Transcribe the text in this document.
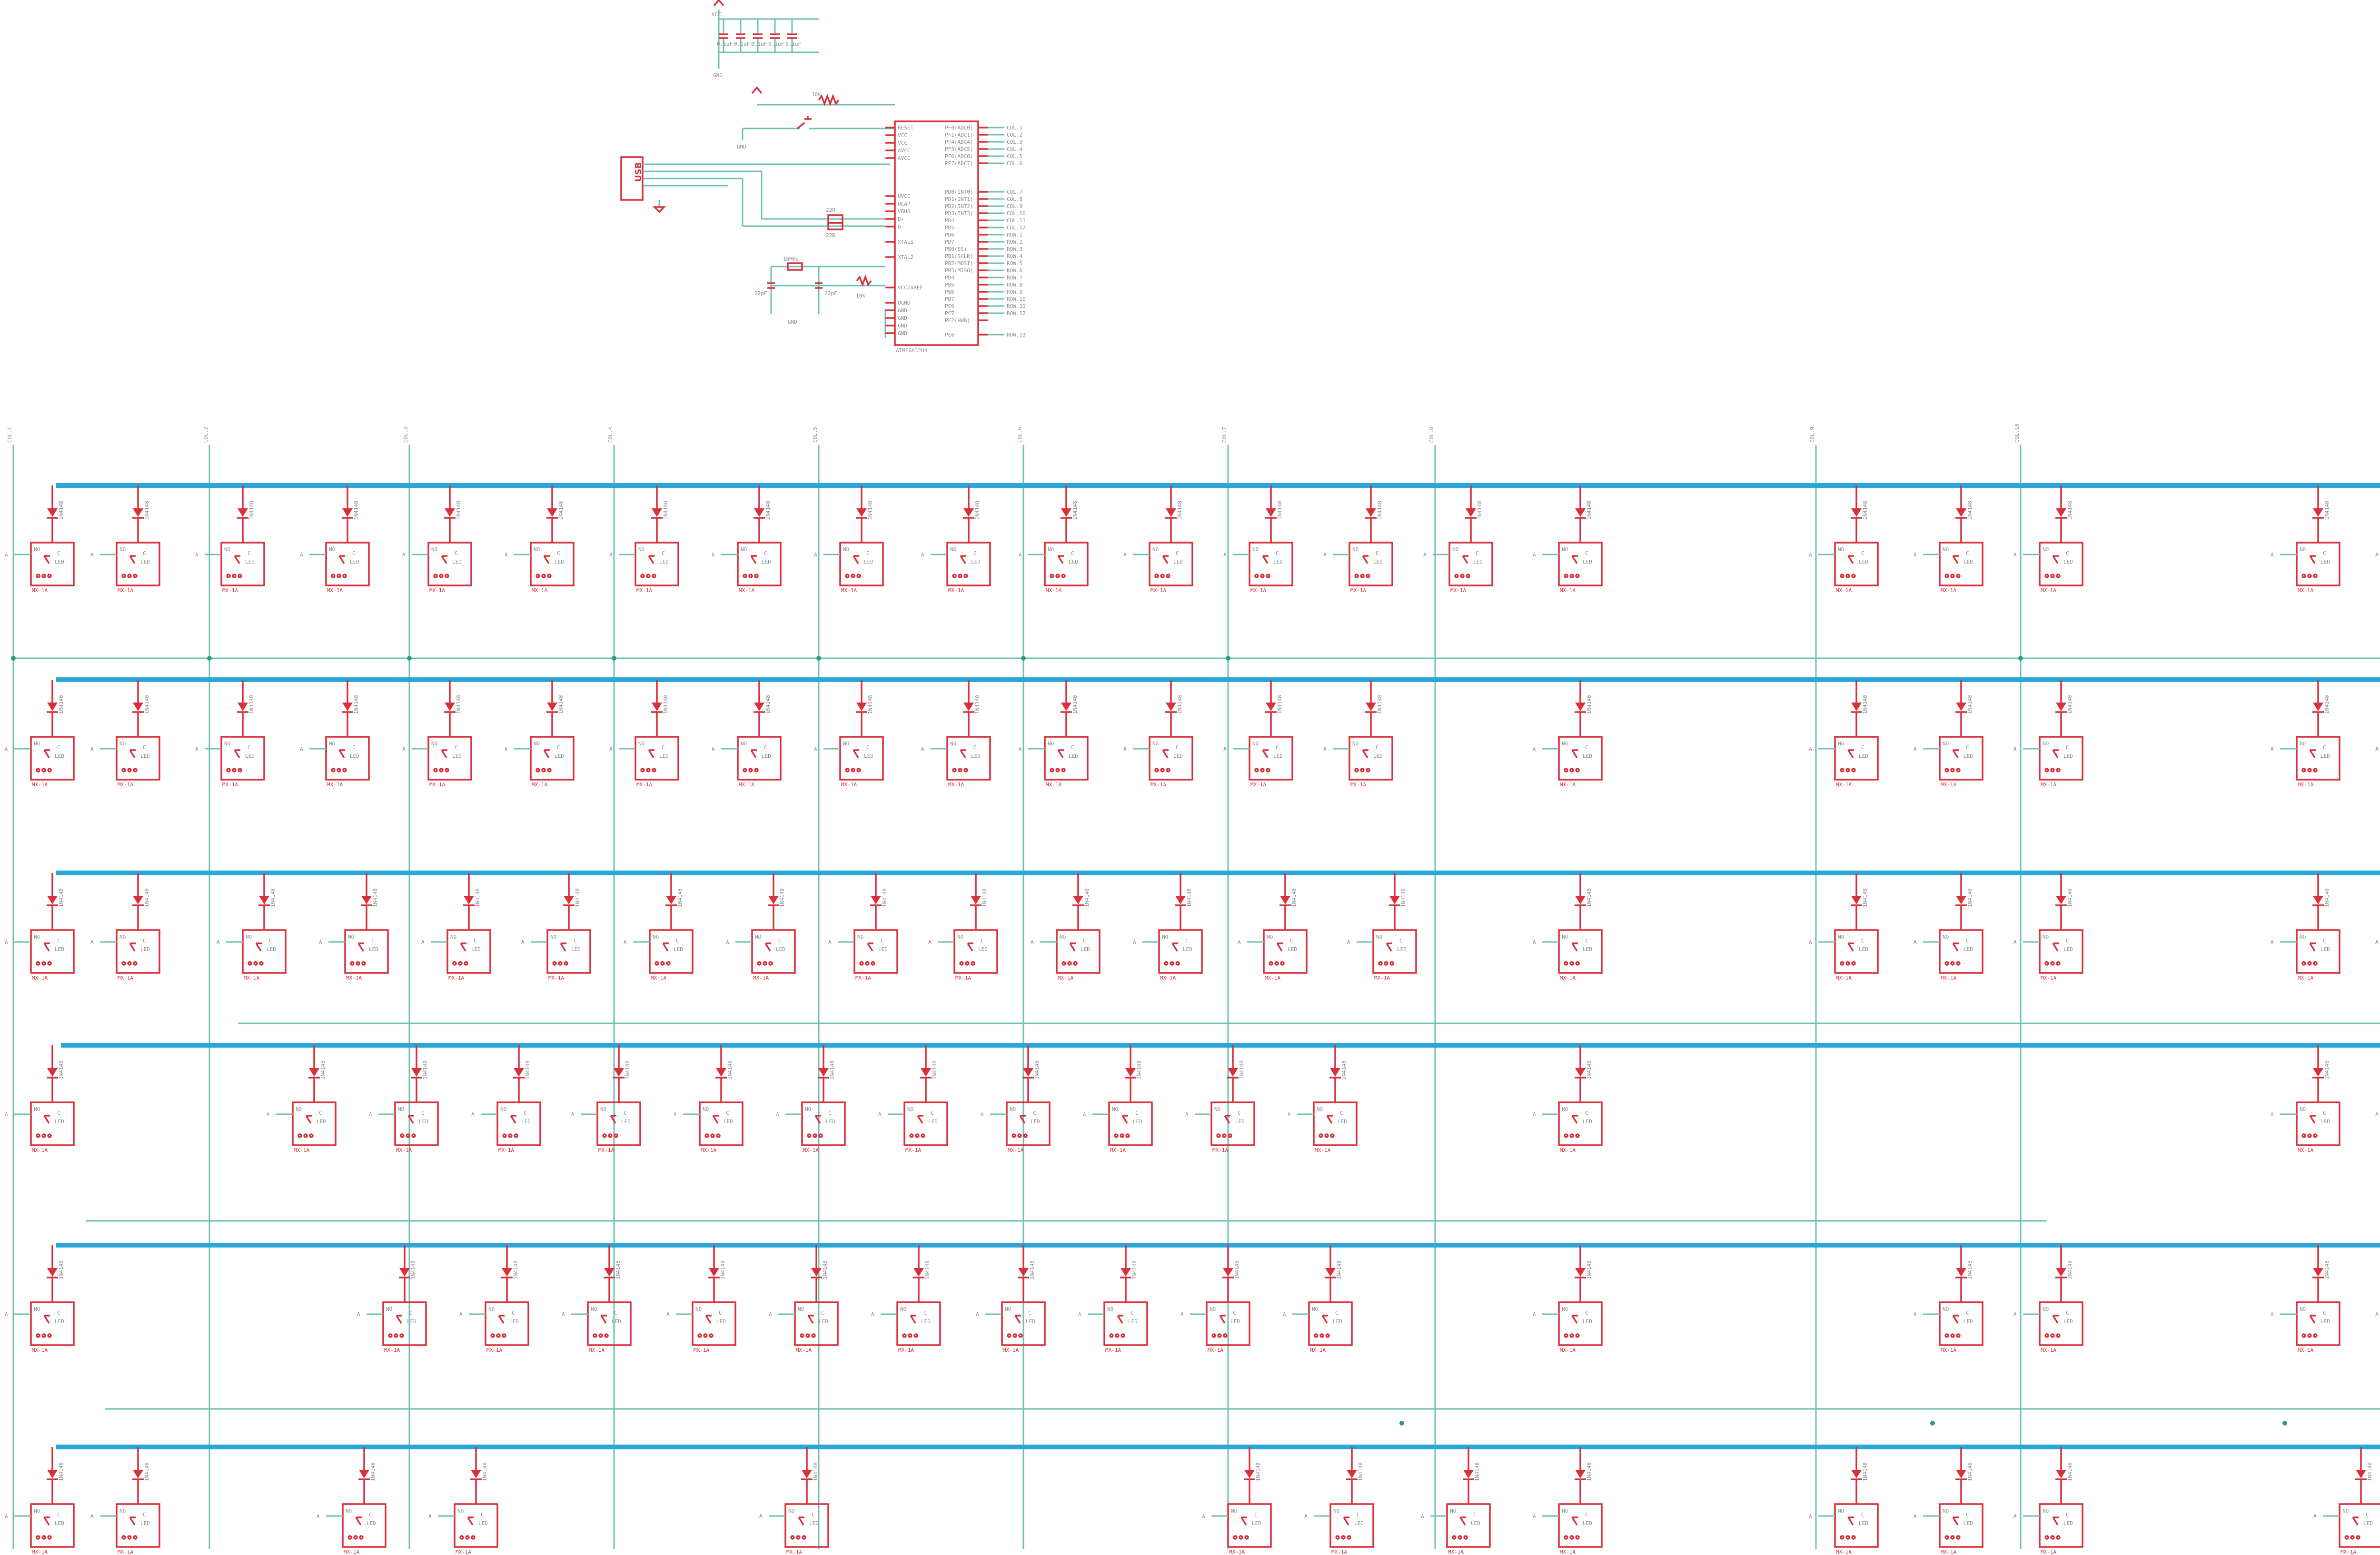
COL.1	COL.2	COL.3	COL.4	COL.5	COL.6	COL.7	COL.8	COL.9	COL.10
1N4148
NO
C
LED
MX-1A
A
1N4148
NO
C
LED
MX-1A
A
1N4148
NO
C
LED
MX-1A
A
1N4148
NO
C
LED
MX-1A
A
1N4148
NO
C
LED
MX-1A
A
1N4148
NO
C
LED
MX-1A
A
1N4148
NO
C
LED
MX-1A
A
1N4148
NO
C
LED
MX-1A
A
1N4148
NO
C
LED
MX-1A
A
1N4148
NO
C
LED
MX-1A
A
1N4148
NO
C
LED
MX-1A
A
1N4148
NO
C
LED
MX-1A
A
1N4148
NO
C
LED
MX-1A
A
1N4148
NO
C
LED
MX-1A
A
1N4148
NO
C
LED
MX-1A
A
1N4148
NO
C
LED
MX-1A
A
1N4148
NO
C
LED
MX-1A
A
1N4148
NO
C
LED
MX-1A
A
1N4148
NO
C
LED
MX-1A
A
1N4148
NO
C
LED
MX-1A
A	A
1N4148
NO
C
LED
MX-1A
A
1N4148
NO
C
LED
MX-1A
A
1N4148
NO
C
LED
MX-1A
A
1N4148
NO
C
LED
MX-1A
A
1N4148
NO
C
LED
MX-1A
A
1N4148
NO
C
LED
MX-1A
A
1N4148
NO
C
LED
MX-1A
A
1N4148
NO
C
LED
MX-1A
A
1N4148
NO
C
LED
MX-1A
A
1N4148
NO
C
LED
MX-1A
A
1N4148
NO
C
LED
MX-1A
A
1N4148
NO
C
LED
MX-1A
A
1N4148
NO
C
LED
MX-1A
A
1N4148
NO
C
LED
MX-1A
A
1N4148
NO
C
LED
MX-1A
A
1N4148
NO
C
LED
MX-1A
A
1N4148
NO
C
LED
MX-1A
A
1N4148
NO
C
LED
MX-1A
A
1N4148
NO
C
LED
MX-1A
A	A
1N4148
NO
C
LED
MX-1A
A
1N4148
NO
C
LED
MX-1A
A
1N4148
NO
C
LED
MX-1A
A
1N4148
NO
C
LED
MX-1A
A
1N4148
NO
C
LED
MX-1A
A
1N4148
NO
C
LED
MX-1A
A
1N4148
NO
C
LED
MX-1A
A
1N4148
NO
C
LED
MX-1A
A
1N4148
NO
C
LED
MX-1A
A
1N4148
NO
C
LED
MX-1A
A
1N4148
NO
C
LED
MX-1A
A
1N4148
NO
C
LED
MX-1A
A
1N4148
NO
C
LED
MX-1A
A
1N4148
NO
C
LED
MX-1A
A
1N4148
NO
C
LED
MX-1A
A
1N4148
NO
C
LED
MX-1A
A
1N4148
NO
C
LED
MX-1A
A
1N4148
NO
C
LED
MX-1A
A
1N4148
NO
C
LED
MX-1A
A	A
1N4148
NO
C
LED
MX-1A
A
1N4148
NO
C
LED
MX-1A
A
1N4148
NO
C
LED
MX-1A
A
1N4148
NO
C
LED
MX-1A
A
1N4148
NO
C
LED
MX-1A
A
1N4148
NO
C
LED
MX-1A
A
1N4148
NO
C
LED
MX-1A
A
1N4148
NO
C
LED
MX-1A
A
1N4148
NO
C
LED
MX-1A
A
1N4148
NO
C
LED
MX-1A
A
1N4148
NO
C
LED
MX-1A
A
1N4148
NO
C
LED
MX-1A
A
1N4148
NO
C
LED
MX-1A
A
1N4148
NO
C
LED
MX-1A
A	A
1N4148
NO
C
LED
MX-1A
A
1N4148
NO
C
LED
MX-1A
A
1N4148
NO
C
LED
MX-1A
A
1N4148
NO
C
LED
MX-1A
A
1N4148
NO
C
LED
MX-1A
A
1N4148
NO
C
LED
MX-1A
A
1N4148
NO
C
LED
MX-1A
A
1N4148
NO
C
LED
MX-1A
A
1N4148
NO
C
LED
MX-1A
A
1N4148
NO
C
LED
MX-1A
A
1N4148
NO
C
LED
MX-1A
A
1N4148
NO
C
LED
MX-1A
A
1N4148
NO
C
LED
MX-1A
A
1N4148
NO
C
LED
MX-1A
A
1N4148
NO
C
LED
MX-1A
A	A
1N4148
NO
C
LED
MX-1A
A
1N4148
NO
C
LED
MX-1A
A
1N4148
NO
C
LED
MX-1A
A
1N4148
NO
C
LED
MX-1A
A
1N4148
NO
C
LED
MX-1A
A
1N4148
NO
C
LED
MX-1A
A
1N4148
NO
C
LED
MX-1A
A
1N4148
NO
C
LED
MX-1A
A
1N4148
NO
C
LED
MX-1A
A
1N4148
NO
C
LED
MX-1A
A
1N4148
NO
C
LED
MX-1A
A
1N4148
NO
C
LED
MX-1A
A
1N4148
NO
C
LED
MX-1A
A
VCC
GND
0.1uF 0.1uF 0.1uF 0.1uF 0.1uF
10k
GND
USB
22R
22R
16MHz
22pF	22pF	10k
GND
ATMEGA32U4
RESET
VCC
VCC
AVCC
AVCC
UVCC
UCAP
VBUS
D+
D-
XTAL1
XTAL2
VCC/AREF
UGND
GND
GND
GND
GND
PF0(ADC0)	COL.1
PF1(ADC1)	COL.2
PF4(ADC4)	COL.3
PF5(ADC5)	COL.4
PF6(ADC6)	COL.5
PF7(ADC7)	COL.6
PD0(INT0)	COL.7
PD1(INT1)	COL.8
PD2(INT2)	COL.9
PD3(INT3)	COL.10
PD4	COL.11
PD5	COL.12
PD6	ROW.1
PD7	ROW.2
PB0(SS)	ROW.3
PB1(SCLK)	ROW.4
PB2(MOSI)	ROW.5
PB3(MISO)	ROW.6
PB4	ROW.7
PB5	ROW.8
PB6	ROW.9
PB7	ROW.10
PC6	ROW.11
PC7	ROW.12
PE2(HWB)
PE6	ROW.13
